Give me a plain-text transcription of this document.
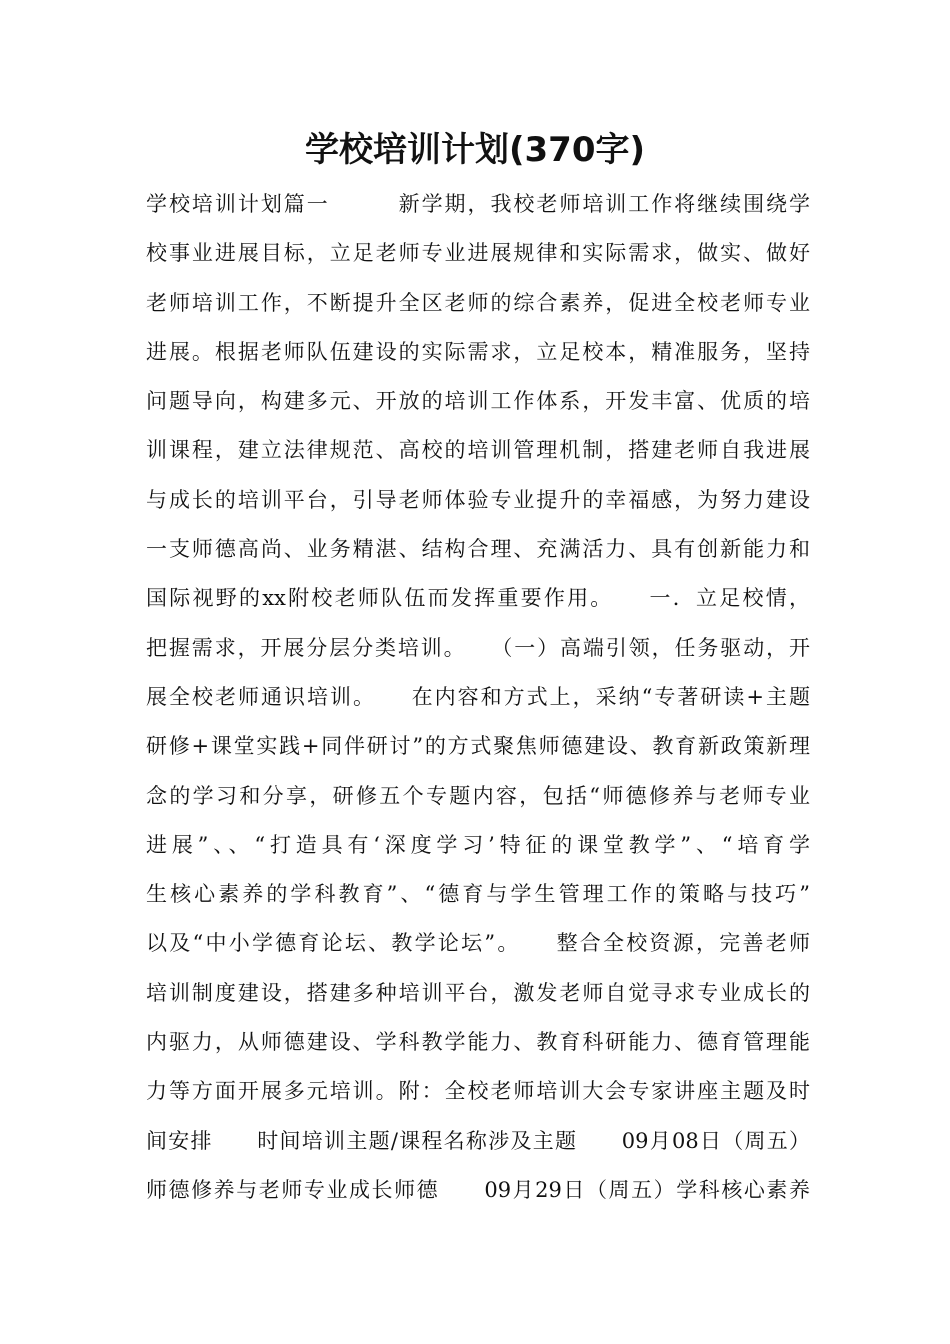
学校培训计划(370字)
学校培训计划篇一　　　新学期，我校老师培训工作将继续围绕学
校事业进展目标，立足老师专业进展规律和实际需求，做实、做好
老师培训工作，不断提升全区老师的综合素养，促进全校老师专业
进展。根据老师队伍建设的实际需求，立足校本，精准服务，坚持
问题导向，构建多元、开放的培训工作体系，开发丰富、优质的培
训课程，建立法律规范、高校的培训管理机制，搭建老师自我进展
与成长的培训平台，引导老师体验专业提升的幸福感，为努力建设
一支师德高尚、业务精湛、结构合理、充满活力、具有创新能力和
国际视野的xx附校老师队伍而发挥重要作用。　　一．立足校情，
把握需求，开展分层分类培训。　　（一）高端引领，任务驱动，开
展全校老师通识培训。　　在内容和方式上，采纳“专著研读+主题
研修+课堂实践+同伴研讨”的方式聚焦师德建设、教育新政策新理
念的学习和分享，研修五个专题内容，包括“师德修养与老师专业
进展”、、“打造具有‘深度学习’特征的课堂教学”、“培育学
生核心素养的学科教育”、“德育与学生管理工作的策略与技巧”
以及“中小学德育论坛、教学论坛”。　　整合全校资源，完善老师
培训制度建设，搭建多种培训平台，激发老师自觉寻求专业成长的
内驱力，从师德建设、学科教学能力、教育科研能力、德育管理能
力等方面开展多元培训。附：全校老师培训大会专家讲座主题及时
间安排　　时间培训主题/课程名称涉及主题　　09月08日（周五）
师德修养与老师专业成长师德　　09月29日（周五）学科核心素养
